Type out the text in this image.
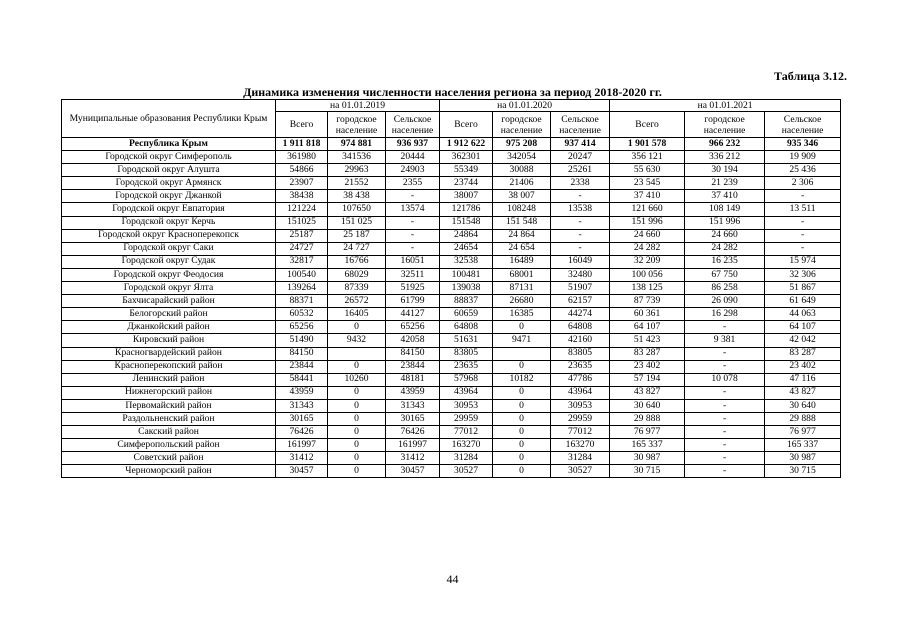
Таблица 3.12.
Динамика изменения численности населения региона за период 2018-2020 гг.
Муниципальные образования Республики Крым	на 01.01.2019			на 01.01.2020			на 01.01.2021		
	Всего	городское население	Сельское население	Всего	городское население	Сельское население	Всего	городское население	Сельское население
Республика Крым	1 911 818	974 881	936 937	1 912 622	975 208	937 414	1 901 578	966 232	935 346
Городской округ Симферополь	361980	341536	20444	362301	342054	20247	356 121	336 212	19 909
Городской округ Алушта	54866	29963	24903	55349	30088	25261	55 630	30 194	25 436
Городской округ Армянск	23907	21552	2355	23744	21406	2338	23 545	21 239	2 306
Городской округ Джанкой	38438	38 438	-	38007	38 007	-	37 410	37 410	-
Городской округ Евпатория	121224	107650	13574	121786	108248	13538	121 660	108 149	13 511
Городской округ Керчь	151025	151 025	-	151548	151 548	-	151 996	151 996	-
Городской округ Красноперекопск	25187	25 187	-	24864	24 864	-	24 660	24 660	-
Городской округ Саки	24727	24 727	-	24654	24 654	-	24 282	24 282	-
Городской округ Судак	32817	16766	16051	32538	16489	16049	32 209	16 235	15 974
Городской округ Феодосия	100540	68029	32511	100481	68001	32480	100 056	67 750	32 306
Городской округ Ялта	139264	87339	51925	139038	87131	51907	138 125	86 258	51 867
Бахчисарайский район	88371	26572	61799	88837	26680	62157	87 739	26 090	61 649
Белогорский район	60532	16405	44127	60659	16385	44274	60 361	16 298	44 063
Джанкойский район	65256	0	65256	64808	0	64808	64 107	-	64 107
Кировский район	51490	9432	42058	51631	9471	42160	51 423	9 381	42 042
Красногвардейский район	84150		84150	83805		83805	83 287	-	83 287
Красноперекопский район	23844	0	23844	23635	0	23635	23 402	-	23 402
Ленинский район	58441	10260	48181	57968	10182	47786	57 194	10 078	47 116
Нижнегорский район	43959	0	43959	43964	0	43964	43 827	-	43 827
Первомайский район	31343	0	31343	30953	0	30953	30 640	-	30 640
Раздольненский район	30165	0	30165	29959	0	29959	29 888	-	29 888
Сакский район	76426	0	76426	77012	0	77012	76 977	-	76 977
Симферопольский район	161997	0	161997	163270	0	163270	165 337	-	165 337
Советский район	31412	0	31412	31284	0	31284	30 987	-	30 987
Черноморский район	30457	0	30457	30527	0	30527	30 715	-	30 715
44
